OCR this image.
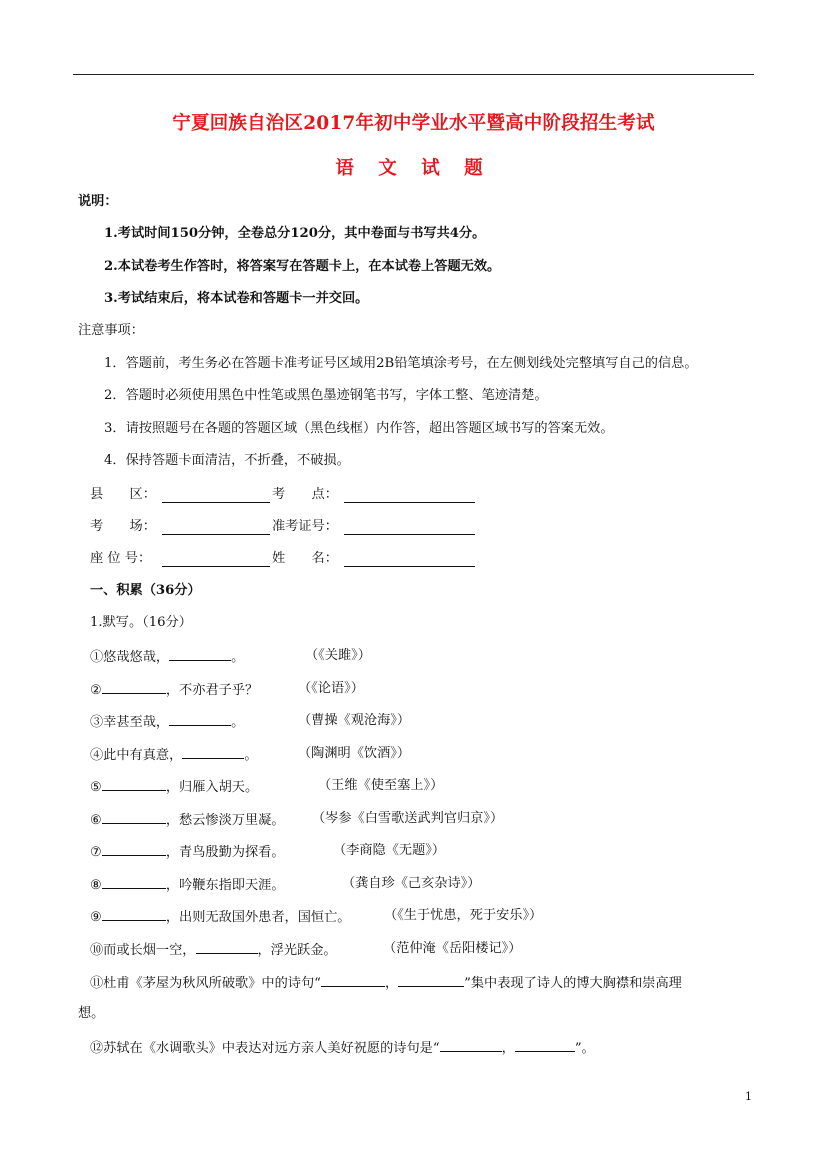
宁夏回族自治区2017年初中学业水平暨高中阶段招生考试
语 文 试 题
说明：
1.考试时间150分钟，全卷总分120分，其中卷面与书写共4分。
2.本试卷考生作答时，将答案写在答题卡上，在本试卷上答题无效。
3.考试结束后，将本试卷和答题卡一并交回。
注意事项：
1．答题前，考生务必在答题卡准考证号区域用2B铅笔填涂考号，在左侧划线处完整填写自己的信息。
2．答题时必须使用黑色中性笔或黑色墨迹钢笔书写，字体工整、笔迹清楚。
3．请按照题号在各题的答题区域（黑色线框）内作答，超出答题区域书写的答案无效。
4．保持答题卡面清洁，不折叠，不破损。
县　　区：	考　　点：
考　　场：	准考证号：
座 位 号：	姓　　名：
一、积累（36分）
1.默写。（16分）
①悠哉悠哉，	。	（《关雎》）
②	，不亦君子乎？	（《论语》）
③幸甚至哉，	。	（曹操《观沧海》）
④此中有真意，	。	（陶渊明《饮酒》）
⑤	，归雁入胡天。	（王维《使至塞上》）
⑥	，愁云惨淡万里凝。 （岑参《白雪歌送武判官归京》）
⑦	，青鸟殷勤为探看。	（李商隐《无题》）
⑧	，吟鞭东指即天涯。	（龚自珍《己亥杂诗》）
⑨	，出则无敌国外患者，国恒亡。	（《生于忧患，死于安乐》）
⑩而或长烟一空，	，浮光跃金。	（范仲淹《岳阳楼记》）
⑪杜甫《茅屋为秋风所破歌》中的诗句“	，	”集中表现了诗人的博大胸襟和崇高理
想。
⑫苏轼在《水调歌头》中表达对远方亲人美好祝愿的诗句是“	，	”。
1
